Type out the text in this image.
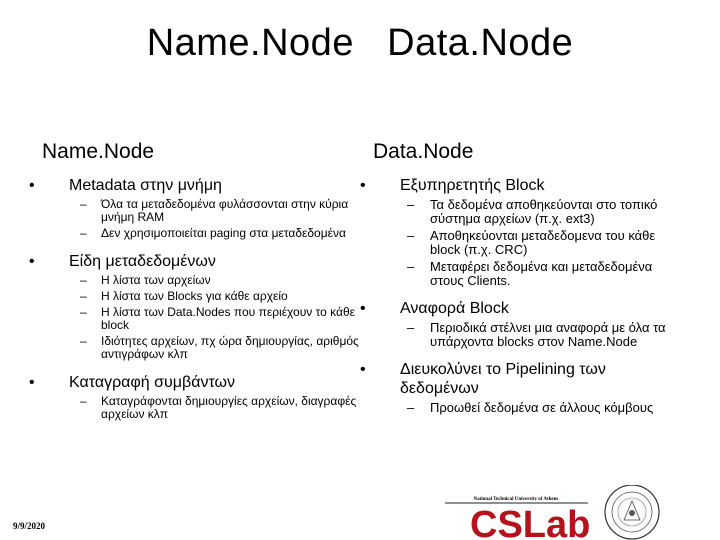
Name.Node   Data.Node
Name.Node
• Metadata στην μνήμη
– Όλα τα μεταδεδομένα φυλάσσονται στην κύρια μνήμη RAM
– Δεν χρησιμοποιείται paging στα μεταδεδομένα
• Είδη μεταδεδομένων
– Η λίστα των αρχείων
– Η λίστα των Blocks για κάθε αρχείο
– Η λίστα των Data.Nodes που περιέχουν το κάθε block
– Ιδιότητες αρχείων, πχ ώρα δημιουργίας, αριθμός αντιγράφων κλπ
• Καταγραφή συμβάντων
– Καταγράφονται δημιουργίες αρχείων, διαγραφές αρχείων κλπ
Data.Node
• Εξυπηρετητής Block
– Τα δεδομένα αποθηκεύονται στο τοπικό σύστημα αρχείων (π.χ. ext3)
– Αποθηκεύονται μεταδεδομενα του κάθε block (π.χ. CRC)
– Μεταφέρει δεδομένα και μεταδεδομένα στους Clients.
• Αναφορά Block
– Περιοδικά στέλνει μια αναφορά με όλα τα υπάρχοντα blocks στον Name.Node
• Διευκολύνει το Pipelining των δεδομένων
– Προωθεί δεδομένα σε άλλους κόμβους
9/9/2020
National Technical University of Athens
CSLab
